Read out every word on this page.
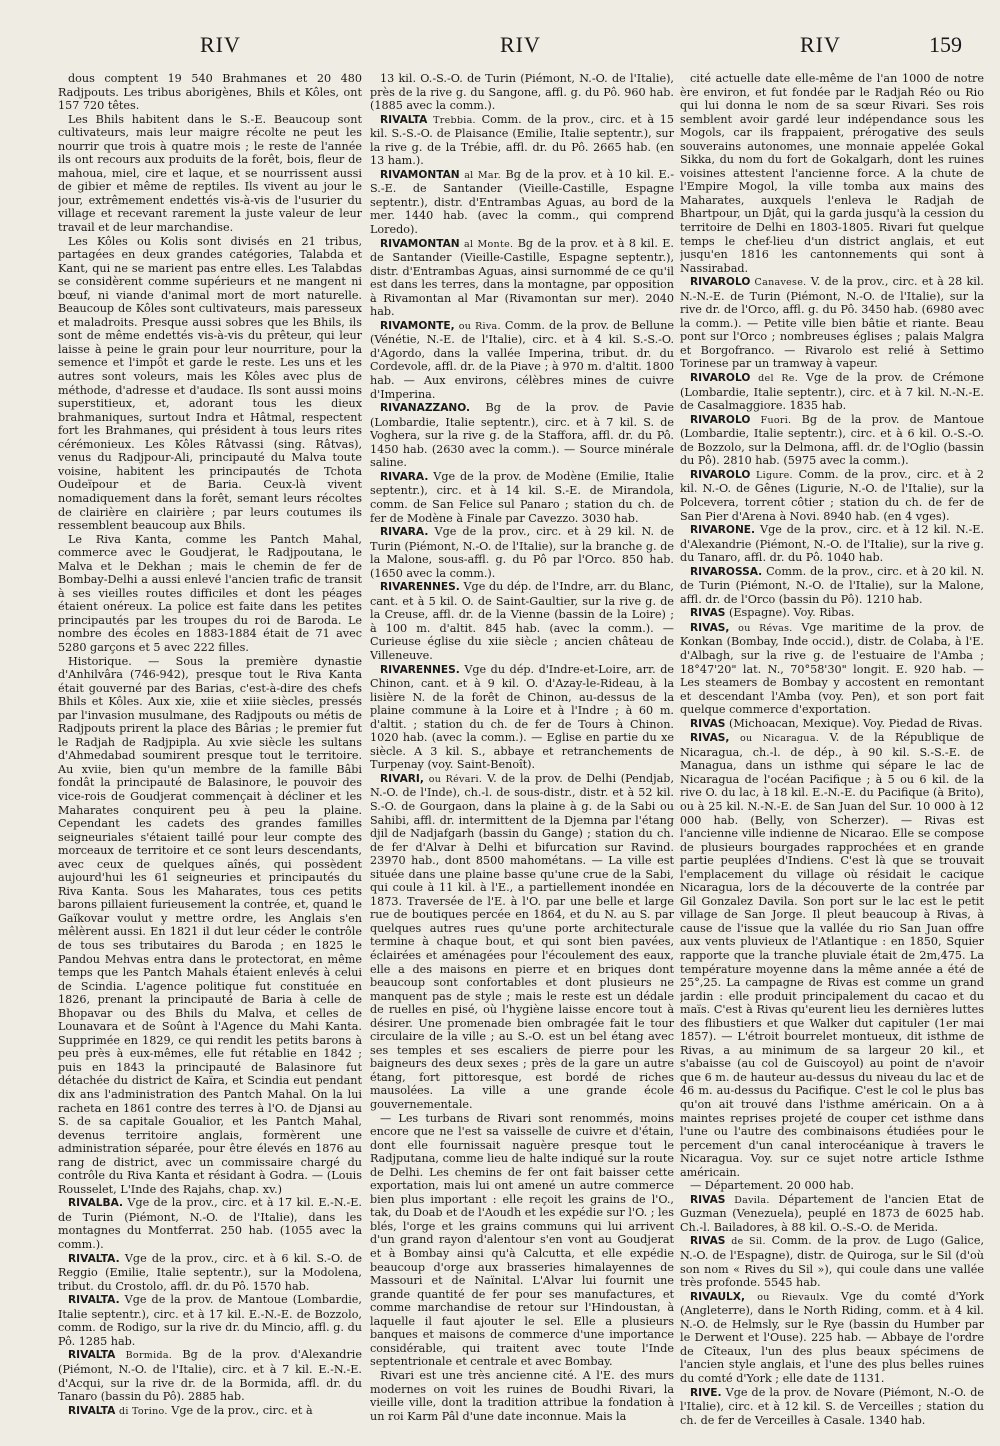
RIV	RIV	RIV	159

dous comptent 19 540 Brahmanes et 20 480 Radjpouts. Les tribus aborigènes, Bhils et Kôles, ont 157 720 têtes.

Les Bhils habitent dans le S.-E. Beaucoup sont cultivateurs, mais leur maigre récolte ne peut les nourrir que trois à quatre mois ; le reste de l'année ils ont recours aux produits de la forêt, bois, fleur de mahoua, miel, cire et laque, et se nourrissent aussi de gibier et même de reptiles. Ils vivent au jour le jour, extrêmement endettés vis-à-vis de l'usurier du village et recevant rarement la juste valeur de leur travail et de leur marchandise.

Les Kôles ou Kolis sont divisés en 21 tribus, partagées en deux grandes catégories, Talabda et Kant, qui ne se marient pas entre elles. Les Talabdas se considèrent comme supérieurs et ne mangent ni bœuf, ni viande d'animal mort de mort naturelle. Beaucoup de Kôles sont cultivateurs, mais paresseux et maladroits. Presque aussi sobres que les Bhils, ils sont de même endettés vis-à-vis du prêteur, qui leur laisse à peine le grain pour leur nourriture, pour la semence et l'impôt et garde le reste. Les uns et les autres sont voleurs, mais les Kôles avec plus de méthode, d'adresse et d'audace. Ils sont aussi moins superstitieux, et, adorant tous les dieux brahmaniques, surtout Indra et Hâtmal, respectent fort les Brahmanes, qui président à tous leurs rites cérémonieux. Les Kôles Râtvassi (sing. Râtvas), venus du Radjpour-Ali, principauté du Malva toute voisine, habitent les principautés de Tchota Oudeïpour et de Baria. Ceux-là vivent nomadiquement dans la forêt, semant leurs récoltes de clairière en clairière ; par leurs coutumes ils ressemblent beaucoup aux Bhils.

Le Riva Kanta, comme les Pantch Mahal, commerce avec le Goudjerat, le Radjpoutana, le Malva et le Dekhan ; mais le chemin de fer de Bombay-Delhi a aussi enlevé l'ancien trafic de transit à ses vieilles routes difficiles et dont les péages étaient onéreux. La police est faite dans les petites principautés par les troupes du roi de Baroda. Le nombre des écoles en 1883-1884 était de 71 avec 5280 garçons et 5 avec 222 filles.

Historique. — Sous la première dynastie d'Anhilvâra (746-942), presque tout le Riva Kanta était gouverné par des Barias, c'est-à-dire des chefs Bhils et Kôles. Aux xie, xiie et xiiie siècles, pressés par l'invasion musulmane, des Radjpouts ou métis de Radjpouts prirent la place des Bârias ; le premier fut le Radjah de Radjpipla. Au xvie siècle les sultans d'Ahmedabad soumirent presque tout le territoire. Au xviie, bien qu'un membre de la famille Bâbi fondât la principauté de Balasinore, le pouvoir des vice-rois de Goudjerat commençait à décliner et les Maharates conquirent peu à peu la plaine. Cependant les cadets des grandes familles seigneuriales s'étaient taillé pour leur compte des morceaux de territoire et ce sont leurs descendants, avec ceux de quelques aînés, qui possèdent aujourd'hui les 61 seigneuries et principautés du Riva Kanta. Sous les Maharates, tous ces petits barons pillaient furieusement la contrée, et, quand le Gaïkovar voulut y mettre ordre, les Anglais s'en mêlèrent aussi. En 1821 il dut leur céder le contrôle de tous ses tributaires du Baroda ; en 1825 le Pandou Mehvas entra dans le protectorat, en même temps que les Pantch Mahals étaient enlevés à celui de Scindia. L'agence politique fut constituée en 1826, prenant la principauté de Baria à celle de Bhopavar ou des Bhils du Malva, et celles de Lounavara et de Soûnt à l'Agence du Mahi Kanta. Supprimée en 1829, ce qui rendit les petits barons à peu près à eux-mêmes, elle fut rétablie en 1842 ; puis en 1843 la principauté de Balasinore fut détachée du district de Kaïra, et Scindia eut pendant dix ans l'administration des Pantch Mahal. On la lui racheta en 1861 contre des terres à l'O. de Djansi au S. de sa capitale Goualior, et les Pantch Mahal, devenus territoire anglais, formèrent une administration séparée, pour être élevés en 1876 au rang de district, avec un commissaire chargé du contrôle du Riva Kanta et résidant à Godra. — (Louis Rousselet, L'Inde des Rajahs, chap. xv.)

RIVALBA. Vge de la prov., circ. et à 17 kil. E.-N.-E. de Turin (Piémont, N.-O. de l'Italie), dans les montagnes du Montferrat. 250 hab. (1055 avec la comm.).

RIVALTA. Vge de la prov., circ. et à 6 kil. S.-O. de Reggio (Emilie, Italie septentr.), sur la Modolena, tribut. du Crostolo, affl. dr. du Pô. 1570 hab.

RIVALTA. Vge de la prov. de Mantoue (Lombardie, Italie septentr.), circ. et à 17 kil. E.-N.-E. de Bozzolo, comm. de Rodigo, sur la rive dr. du Mincio, affl. g. du Pô. 1285 hab.

RIVALTA Bormida. Bg de la prov. d'Alexandrie (Piémont, N.-O. de l'Italie), circ. et à 7 kil. E.-N.-E. d'Acqui, sur la rive dr. de la Bormida, affl. dr. du Tanaro (bassin du Pô). 2885 hab.

RIVALTA di Torino. Vge de la prov., circ. et à

13 kil. O.-S.-O. de Turin (Piémont, N.-O. de l'Italie), près de la rive g. du Sangone, affl. g. du Pô. 960 hab. (1885 avec la comm.).

RIVALTA Trebbia. Comm. de la prov., circ. et à 15 kil. S.-S.-O. de Plaisance (Emilie, Italie septentr.), sur la rive g. de la Trébie, affl. dr. du Pô. 2665 hab. (en 13 ham.).

RIVAMONTAN al Mar. Bg de la prov. et à 10 kil. E.-S.-E. de Santander (Vieille-Castille, Espagne septentr.), distr. d'Entrambas Aguas, au bord de la mer. 1440 hab. (avec la comm., qui comprend Loredo).

RIVAMONTAN al Monte. Bg de la prov. et à 8 kil. E. de Santander (Vieille-Castille, Espagne septentr.), distr. d'Entrambas Aguas, ainsi surnommé de ce qu'il est dans les terres, dans la montagne, par opposition à Rivamontan al Mar (Rivamontan sur mer). 2040 hab.

RIVAMONTE, ou Riva. Comm. de la prov. de Bellune (Vénétie, N.-E. de l'Italie), circ. et à 4 kil. S.-S.-O. d'Agordo, dans la vallée Imperina, tribut. dr. du Cordevole, affl. dr. de la Piave ; à 970 m. d'altit. 1800 hab. — Aux environs, célèbres mines de cuivre d'Imperina.

RIVANAZZANO. Bg de la prov. de Pavie (Lombardie, Italie septentr.), circ. et à 7 kil. S. de Voghera, sur la rive g. de la Staffora, affl. dr. du Pô. 1450 hab. (2630 avec la comm.). — Source minérale saline.

RIVARA. Vge de la prov. de Modène (Emilie, Italie septentr.), circ. et à 14 kil. S.-E. de Mirandola, comm. de San Felice sul Panaro ; station du ch. de fer de Modène à Finale par Cavezzo. 3030 hab.

RIVARA. Vge de la prov., circ. et à 29 kil. N. de Turin (Piémont, N.-O. de l'Italie), sur la branche g. de la Malone, sous-affl. g. du Pô par l'Orco. 850 hab. (1650 avec la comm.).

RIVARENNES. Vge du dép. de l'Indre, arr. du Blanc, cant. et à 5 kil. O. de Saint-Gaultier, sur la rive g. de la Creuse, affl. dr. de la Vienne (bassin de la Loire) ; à 100 m. d'altit. 845 hab. (avec la comm.). — Curieuse église du xiie siècle ; ancien château de Villeneuve.

RIVARENNES. Vge du dép. d'Indre-et-Loire, arr. de Chinon, cant. et à 9 kil. O. d'Azay-le-Rideau, à la lisière N. de la forêt de Chinon, au-dessus de la plaine commune à la Loire et à l'Indre ; à 60 m. d'altit. ; station du ch. de fer de Tours à Chinon. 1020 hab. (avec la comm.). — Eglise en partie du xe siècle. A 3 kil. S., abbaye et retranchements de Turpenay (voy. Saint-Benoît).

RIVARI, ou Révari. V. de la prov. de Delhi (Pendjab, N.-O. de l'Inde), ch.-l. de sous-distr., distr. et à 52 kil. S.-O. de Gourgaon, dans la plaine à g. de la Sabi ou Sahibi, affl. dr. intermittent de la Djemna par l'étang djil de Nadjafgarh (bassin du Gange) ; station du ch. de fer d'Alvar à Delhi et bifurcation sur Ravind. 23970 hab., dont 8500 mahométans. — La ville est située dans une plaine basse qu'une crue de la Sabi, qui coule à 11 kil. à l'E., a partiellement inondée en 1873. Traversée de l'E. à l'O. par une belle et large rue de boutiques percée en 1864, et du N. au S. par quelques autres rues qu'une porte architecturale termine à chaque bout, et qui sont bien pavées, éclairées et aménagées pour l'écoulement des eaux, elle a des maisons en pierre et en briques dont beaucoup sont confortables et dont plusieurs ne manquent pas de style ; mais le reste est un dédale de ruelles en pisé, où l'hygiène laisse encore tout à désirer. Une promenade bien ombragée fait le tour circulaire de la ville ; au S.-O. est un bel étang avec ses temples et ses escaliers de pierre pour les baigneurs des deux sexes ; près de la gare un autre étang, fort pittoresque, est bordé de riches mausolées. La ville a une grande école gouvernementale.

— Les turbans de Rivari sont renommés, moins encore que ne l'est sa vaisselle de cuivre et d'étain, dont elle fournissait naguère presque tout le Radjputana, comme lieu de halte indiqué sur la route de Delhi. Les chemins de fer ont fait baisser cette exportation, mais lui ont amené un autre commerce bien plus important : elle reçoit les grains de l'O., tak, du Doab et de l'Aoudh et les expédie sur l'O. ; les blés, l'orge et les grains communs qui lui arrivent d'un grand rayon d'alentour s'en vont au Goudjerat et à Bombay ainsi qu'à Calcutta, et elle expédie beaucoup d'orge aux brasseries himalayennes de Massouri et de Naïnital. L'Alvar lui fournit une grande quantité de fer pour ses manufactures, et comme marchandise de retour sur l'Hindoustan, à laquelle il faut ajouter le sel. Elle a plusieurs banques et maisons de commerce d'une importance considérable, qui traitent avec toute l'Inde septentrionale et centrale et avec Bombay.

Rivari est une très ancienne cité. A l'E. des murs modernes on voit les ruines de Boudhi Rivari, la vieille ville, dont la tradition attribue la fondation à un roi Karm Pâl d'une date inconnue. Mais la

cité actuelle date elle-même de l'an 1000 de notre ère environ, et fut fondée par le Radjah Réo ou Rio qui lui donna le nom de sa sœur Rivari. Ses rois semblent avoir gardé leur indépendance sous les Mogols, car ils frappaient, prérogative des seuls souverains autonomes, une monnaie appelée Gokal Sikka, du nom du fort de Gokalgarh, dont les ruines voisines attestent l'ancienne force. A la chute de l'Empire Mogol, la ville tomba aux mains des Maharates, auxquels l'enleva le Radjah de Bhartpour, un Djât, qui la garda jusqu'à la cession du territoire de Delhi en 1803-1805. Rivari fut quelque temps le chef-lieu d'un district anglais, et eut jusqu'en 1816 les cantonnements qui sont à Nassirabad.

RIVAROLO Canavese. V. de la prov., circ. et à 28 kil. N.-N.-E. de Turin (Piémont, N.-O. de l'Italie), sur la rive dr. de l'Orco, affl. g. du Pô. 3450 hab. (6980 avec la comm.). — Petite ville bien bâtie et riante. Beau pont sur l'Orco ; nombreuses églises ; palais Malgra et Borgofranco. — Rivarolo est relié à Settimo Torinese par un tramway à vapeur.

RIVAROLO del Re. Vge de la prov. de Crémone (Lombardie, Italie septentr.), circ. et à 7 kil. N.-N.-E. de Casalmaggiore. 1835 hab.

RIVAROLO Fuori. Bg de la prov. de Mantoue (Lombardie, Italie septentr.), circ. et à 6 kil. O.-S.-O. de Bozzolo, sur la Delmona, affl. dr. de l'Oglio (bassin du Pô). 2810 hab. (5975 avec la comm.).

RIVAROLO Ligure. Comm. de la prov., circ. et à 2 kil. N.-O. de Gênes (Ligurie, N.-O. de l'Italie), sur la Polcevera, torrent côtier ; station du ch. de fer de San Pier d'Arena à Novi. 8940 hab. (en 4 vges).

RIVARONE. Vge de la prov., circ. et à 12 kil. N.-E. d'Alexandrie (Piémont, N.-O. de l'Italie), sur la rive g. du Tanaro, affl. dr. du Pô. 1040 hab.

RIVAROSSA. Comm. de la prov., circ. et à 20 kil. N. de Turin (Piémont, N.-O. de l'Italie), sur la Malone, affl. dr. de l'Orco (bassin du Pô). 1210 hab.

RIVAS (Espagne). Voy. Ribas.

RIVAS, ou Révas. Vge maritime de la prov. de Konkan (Bombay, Inde occid.), distr. de Colaba, à l'E. d'Albagh, sur la rive g. de l'estuaire de l'Amba ; 18°47'20" lat. N., 70°58'30" longit. E. 920 hab. — Les steamers de Bombay y accostent en remontant et descendant l'Amba (voy. Pen), et son port fait quelque commerce d'exportation.

RIVAS (Michoacan, Mexique). Voy. Piedad de Rivas.

RIVAS, ou Nicaragua. V. de la République de Nicaragua, ch.-l. de dép., à 90 kil. S.-S.-E. de Managua, dans un isthme qui sépare le lac de Nicaragua de l'océan Pacifique ; à 5 ou 6 kil. de la rive O. du lac, à 18 kil. E.-N.-E. du Pacifique (à Brito), ou à 25 kil. N.-N.-E. de San Juan del Sur. 10 000 à 12 000 hab. (Belly, von Scherzer). — Rivas est l'ancienne ville indienne de Nicarao. Elle se compose de plusieurs bourgades rapprochées et en grande partie peuplées d'Indiens. C'est là que se trouvait l'emplacement du village où résidait le cacique Nicaragua, lors de la découverte de la contrée par Gil Gonzalez Davila. Son port sur le lac est le petit village de San Jorge. Il pleut beaucoup à Rivas, à cause de l'issue que la vallée du rio San Juan offre aux vents pluvieux de l'Atlantique : en 1850, Squier rapporte que la tranche pluviale était de 2m,475. La température moyenne dans la même année a été de 25°,25. La campagne de Rivas est comme un grand jardin : elle produit principalement du cacao et du maïs. C'est à Rivas qu'eurent lieu les dernières luttes des flibustiers et que Walker dut capituler (1er mai 1857). — L'étroit bourrelet montueux, dit isthme de Rivas, a au minimum de sa largeur 20 kil., et s'abaisse (au col de Guiscoyol) au point de n'avoir que 6 m. de hauteur au-dessus du niveau du lac et de 46 m. au-dessus du Pacifique. C'est le col le plus bas qu'on ait trouvé dans l'isthme américain. On a à maintes reprises projeté de couper cet isthme dans l'une ou l'autre des combinaisons étudiées pour le percement d'un canal interocéanique à travers le Nicaragua. Voy. sur ce sujet notre article Isthme américain.

— Département. 20 000 hab.

RIVAS Davila. Département de l'ancien Etat de Guzman (Venezuela), peuplé en 1873 de 6025 hab. Ch.-l. Bailadores, à 88 kil. O.-S.-O. de Merida.

RIVAS de Sil. Comm. de la prov. de Lugo (Galice, N.-O. de l'Espagne), distr. de Quiroga, sur le Sil (d'où son nom « Rives du Sil »), qui coule dans une vallée très profonde. 5545 hab.

RIVAULX, ou Rievaulx. Vge du comté d'York (Angleterre), dans le North Riding, comm. et à 4 kil. N.-O. de Helmsly, sur le Rye (bassin du Humber par le Derwent et l'Ouse). 225 hab. — Abbaye de l'ordre de Cîteaux, l'un des plus beaux spécimens de l'ancien style anglais, et l'une des plus belles ruines du comté d'York ; elle date de 1131.

RIVE. Vge de la prov. de Novare (Piémont, N.-O. de l'Italie), circ. et à 12 kil. S. de Verceilles ; station du ch. de fer de Verceilles à Casale. 1340 hab.
